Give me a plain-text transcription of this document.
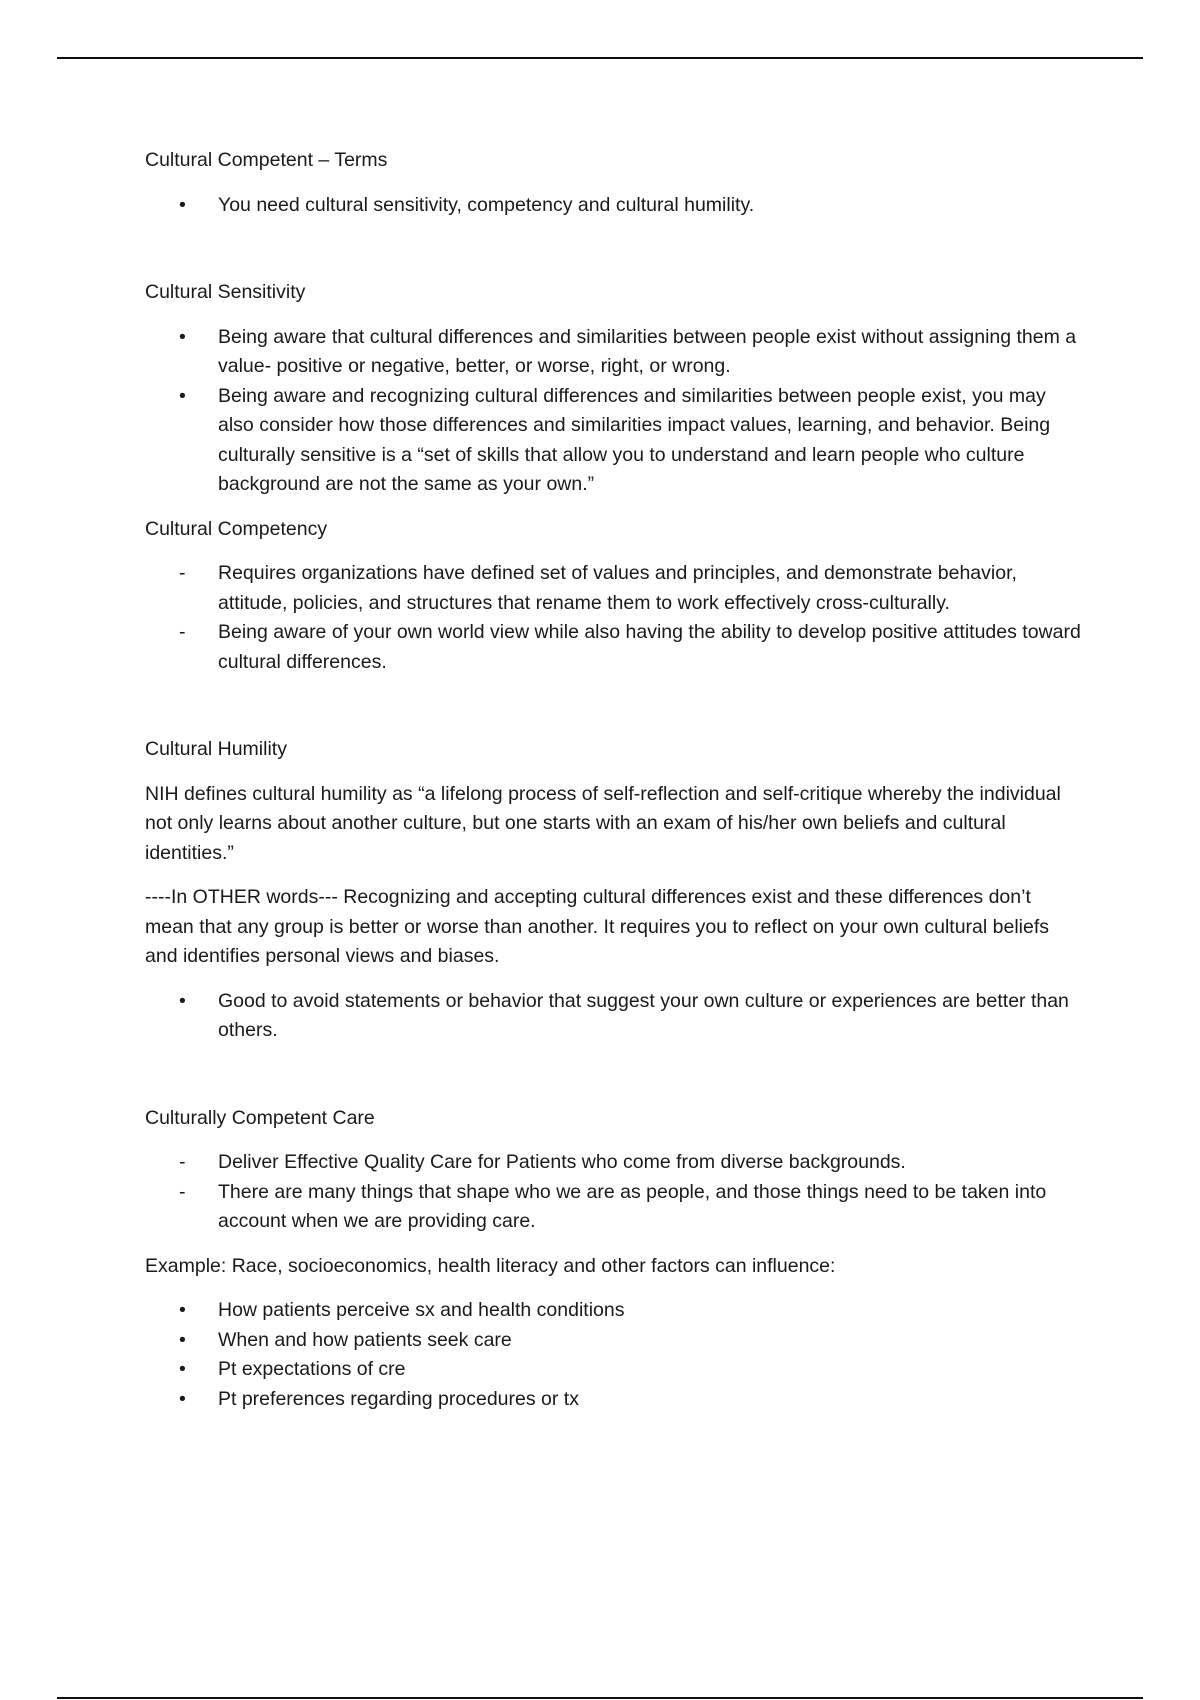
Cultural Competent – Terms

•	You need cultural sensitivity, competency and cultural humility.

Cultural Sensitivity

•	Being aware that cultural differences and similarities between people exist without assigning them a value- positive or negative, better, or worse, right, or wrong.
•	Being aware and recognizing cultural differences and similarities between people exist, you may also consider how those differences and similarities impact values, learning, and behavior. Being culturally sensitive is a “set of skills that allow you to understand and learn people who culture background are not the same as your own.”

Cultural Competency

-	Requires organizations have defined set of values and principles, and demonstrate behavior, attitude, policies, and structures that rename them to work effectively cross-culturally.
-	Being aware of your own world view while also having the ability to develop positive attitudes toward cultural differences.

Cultural Humility

NIH defines cultural humility as “a lifelong process of self-reflection and self-critique whereby the individual not only learns about another culture, but one starts with an exam of his/her own beliefs and cultural identities.”

----In OTHER words--- Recognizing and accepting cultural differences exist and these differences don’t mean that any group is better or worse than another. It requires you to reflect on your own cultural beliefs and identifies personal views and biases.

•	Good to avoid statements or behavior that suggest your own culture or experiences are better than others.

Culturally Competent Care

-	Deliver Effective Quality Care for Patients who come from diverse backgrounds.
-	There are many things that shape who we are as people, and those things need to be taken into account when we are providing care.

Example: Race, socioeconomics, health literacy and other factors can influence:

•	How patients perceive sx and health conditions
•	When and how patients seek care
•	Pt expectations of cre
•	Pt preferences regarding procedures or tx
